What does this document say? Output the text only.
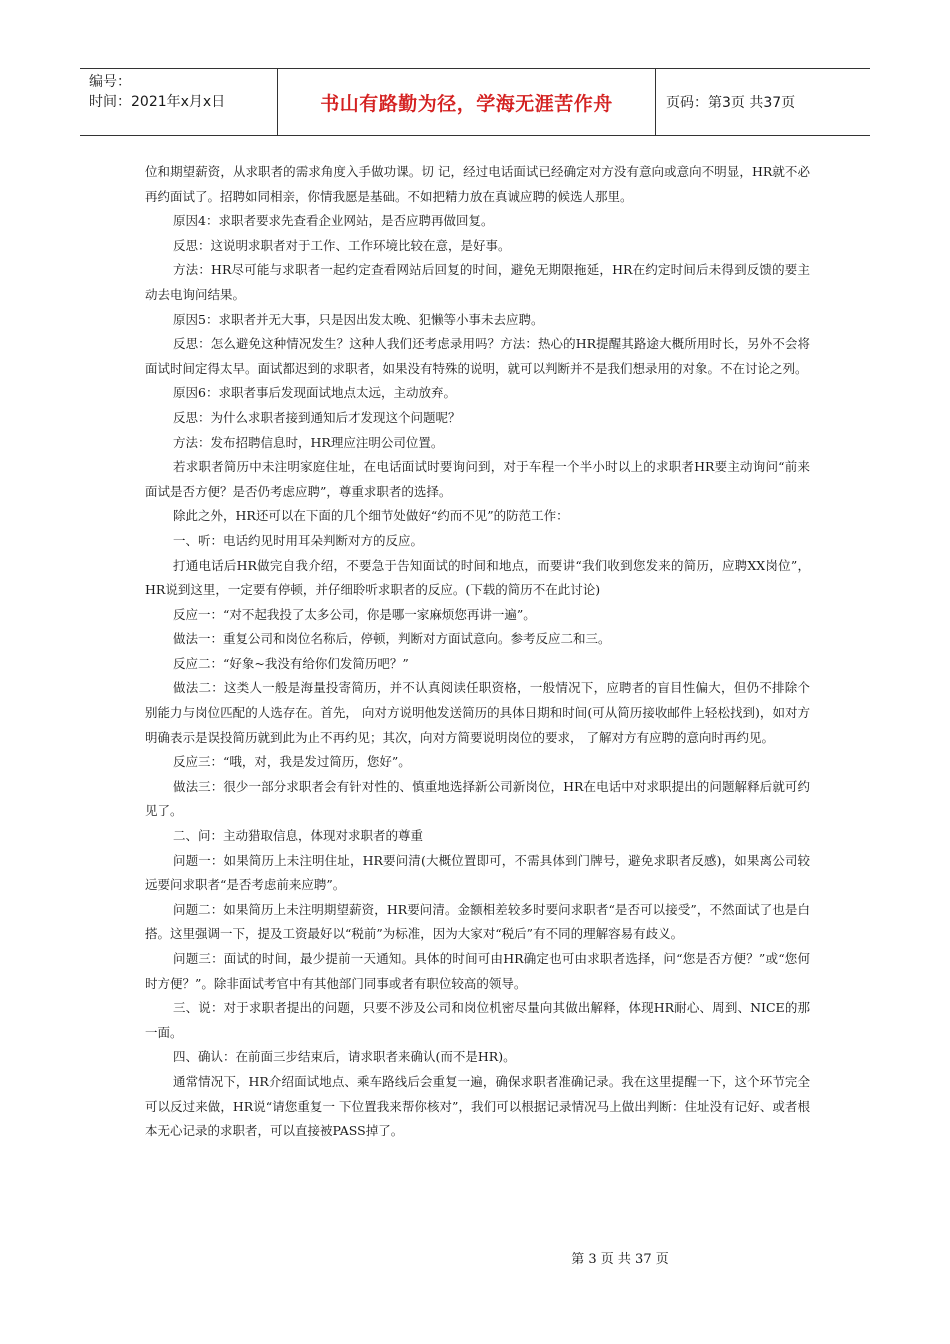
编号：
时间：2021年x月x日	书山有路勤为径，学海无涯苦作舟	页码：第3页 共37页

位和期望薪资，从求职者的需求角度入手做功课。切 记，经过电话面试已经确定对方没有意向或意向不明显，HR就不必再约面试了。招聘如同相亲，你情我愿是基础。不如把精力放在真诚应聘的候选人那里。

原因4：求职者要求先查看企业网站，是否应聘再做回复。

反思：这说明求职者对于工作、工作环境比较在意，是好事。

方法：HR尽可能与求职者一起约定查看网站后回复的时间，避免无期限拖延，HR在约定时间后未得到反馈的要主动去电询问结果。

原因5：求职者并无大事，只是因出发太晚、犯懒等小事未去应聘。

反思：怎么避免这种情况发生？这种人我们还考虑录用吗？方法：热心的HR提醒其路途大概所用时长，另外不会将面试时间定得太早。面试都迟到的求职者，如果没有特殊的说明，就可以判断并不是我们想录用的对象。不在讨论之列。

原因6：求职者事后发现面试地点太远，主动放弃。

反思：为什么求职者接到通知后才发现这个问题呢？

方法：发布招聘信息时，HR理应注明公司位置。

若求职者简历中未注明家庭住址，在电话面试时要询问到，对于车程一个半小时以上的求职者HR要主动询问“前来面试是否方便？是否仍考虑应聘”，尊重求职者的选择。

除此之外，HR还可以在下面的几个细节处做好“约而不见”的防范工作：

一、听：电话约见时用耳朵判断对方的反应。

打通电话后HR做完自我介绍，不要急于告知面试的时间和地点，而要讲“我们收到您发来的简历，应聘XX岗位”，HR说到这里，一定要有停顿，并仔细聆听求职者的反应。(下载的简历不在此讨论)

反应一：“对不起我投了太多公司，你是哪一家麻烦您再讲一遍”。

做法一：重复公司和岗位名称后，停顿，判断对方面试意向。参考反应二和三。

反应二：“好象~我没有给你们发简历吧？”

做法二：这类人一般是海量投寄简历，并不认真阅读任职资格，一般情况下，应聘者的盲目性偏大，但仍不排除个别能力与岗位匹配的人选存在。首先， 向对方说明他发送简历的具体日期和时间(可从简历接收邮件上轻松找到)，如对方明确表示是误投简历就到此为止不再约见；其次，向对方简要说明岗位的要求， 了解对方有应聘的意向时再约见。

反应三：“哦，对，我是发过简历，您好”。

做法三：很少一部分求职者会有针对性的、慎重地选择新公司新岗位，HR在电话中对求职提出的问题解释后就可约见了。

二、问：主动猎取信息，体现对求职者的尊重

问题一：如果简历上未注明住址，HR要问清(大概位置即可，不需具体到门牌号，避免求职者反感)，如果离公司较远要问求职者“是否考虑前来应聘”。

问题二：如果简历上未注明期望薪资，HR要问清。金额相差较多时要问求职者“是否可以接受”，不然面试了也是白搭。这里强调一下，提及工资最好以“税前”为标准，因为大家对“税后”有不同的理解容易有歧义。

问题三：面试的时间，最少提前一天通知。具体的时间可由HR确定也可由求职者选择，问“您是否方便？”或“您何时方便？”。除非面试考官中有其他部门同事或者有职位较高的领导。

三、说：对于求职者提出的问题，只要不涉及公司和岗位机密尽量向其做出解释，体现HR耐心、周到、NICE的那一面。

四、确认：在前面三步结束后，请求职者来确认(而不是HR)。

通常情况下，HR介绍面试地点、乘车路线后会重复一遍，确保求职者准确记录。我在这里提醒一下，这个环节完全可以反过来做，HR说“请您重复一 下位置我来帮你核对”，我们可以根据记录情况马上做出判断：住址没有记好、或者根本无心记录的求职者，可以直接被PASS掉了。

第 3 页 共 37 页
